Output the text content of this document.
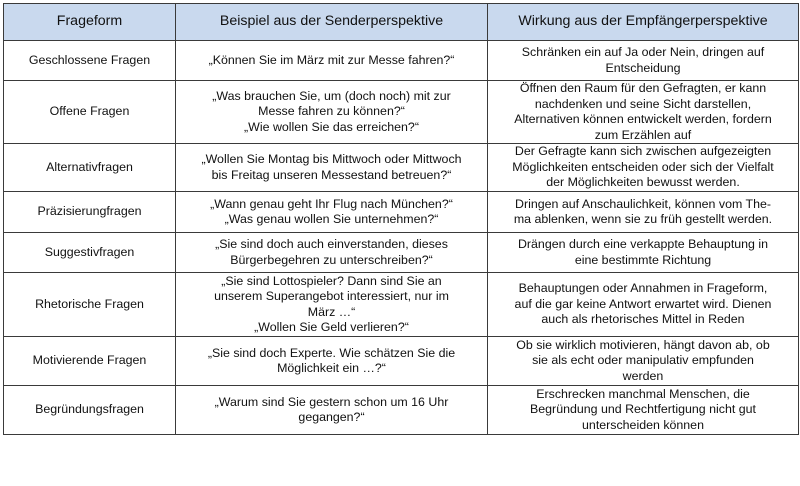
Frageform	Beispiel aus der Senderperspektive	Wirkung aus der Empfängerperspektive

Geschlossene Fragen	„Können Sie im März mit zur Messe fahren?“	Schränken ein auf Ja oder Nein, dringen auf
Entscheidung

Offene Fragen	„Was brauchen Sie, um (doch noch) mit zur
Messe fahren zu können?“
„Wie wollen Sie das erreichen?“	Öffnen den Raum für den Gefragten, er kann
nachdenken und seine Sicht darstellen,
Alternativen können entwickelt werden, fordern
zum Erzählen auf

Alternativfragen	„Wollen Sie Montag bis Mittwoch oder Mittwoch
bis Freitag unseren Messestand betreuen?“	Der Gefragte kann sich zwischen aufgezeigten
Möglichkeiten entscheiden oder sich der Vielfalt
der Möglichkeiten bewusst werden.

Präzisierungfragen	„Wann genau geht Ihr Flug nach München?“
„Was genau wollen Sie unternehmen?“	Dringen auf Anschaulichkeit, können vom The-
ma ablenken, wenn sie zu früh gestellt werden.

Suggestivfragen	„Sie sind doch auch einverstanden, dieses
Bürgerbegehren zu unterschreiben?“	Drängen durch eine verkappte Behauptung in
eine bestimmte Richtung

Rhetorische Fragen	„Sie sind Lottospieler? Dann sind Sie an
unserem Superangebot interessiert, nur im
März …“
„Wollen Sie Geld verlieren?“	Behauptungen oder Annahmen in Frageform,
auf die gar keine Antwort erwartet wird. Dienen
auch als rhetorisches Mittel in Reden

Motivierende Fragen	„Sie sind doch Experte. Wie schätzen Sie die
Möglichkeit ein …?“	Ob sie wirklich motivieren, hängt davon ab, ob
sie als echt oder manipulativ empfunden
werden

Begründungsfragen	„Warum sind Sie gestern schon um 16 Uhr
gegangen?“	Erschrecken manchmal Menschen, die
Begründung und Rechtfertigung nicht gut
unterscheiden können
